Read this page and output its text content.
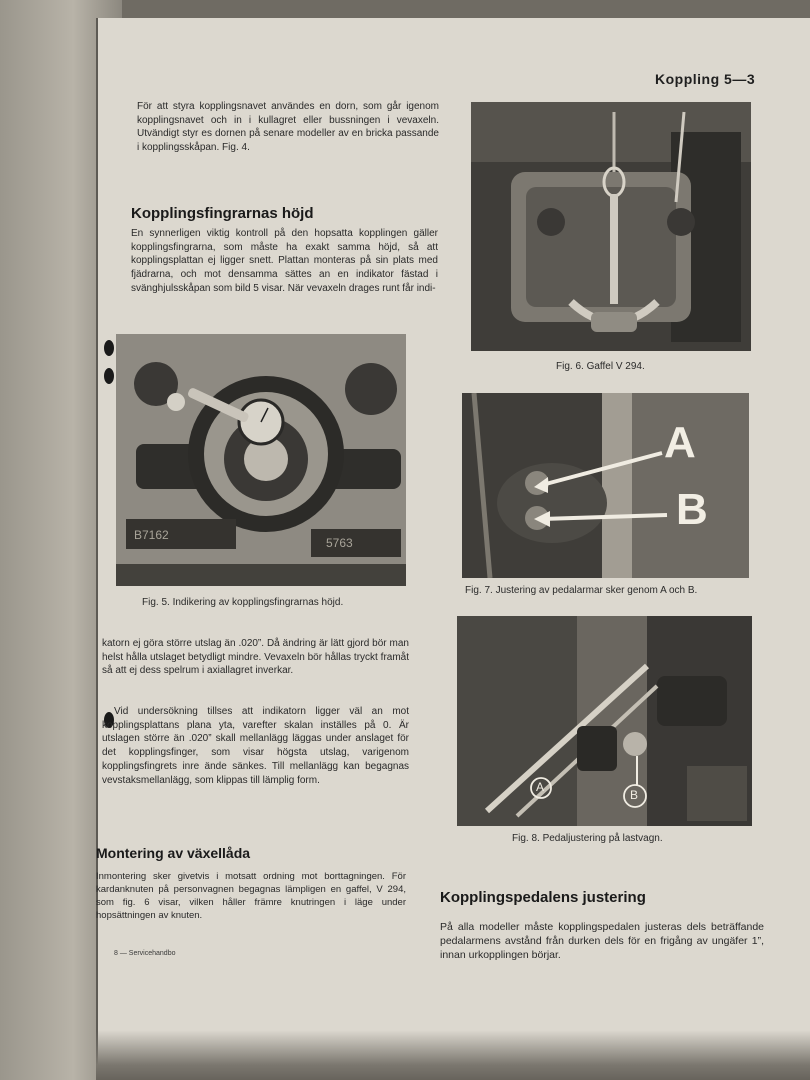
Koppling 5—3
För att styra kopplingsnavet användes en dorn, som går igenom kopplingsnavet och in i kullagret eller bussningen i vevaxeln. Utvändigt styr es dornen på senare modeller av en bricka passande i kopplingsskåpan. Fig. 4.
Kopplingsfingrarnas höjd
En synnerligen viktig kontroll på den hopsatta kopplingen gäller kopplingsfingrarna, som måste ha exakt samma höjd, så att kopplingsplattan ej ligger snett. Plattan monteras på sin plats med fjädrarna, och mot densamma sättes an en indikator fästad i svänghjulsskåpan som bild 5 visar. När vevaxeln drages runt får indi-
B7162
5763
Fig. 5. Indikering av kopplingsfingrarnas höjd.
katorn ej göra större utslag än .020”. Då ändring är lätt gjord bör man helst hålla utslaget betydligt mindre. Vevaxeln bör hållas tryckt framåt så att ej dess spelrum i axiallagret inverkar.
Vid undersökning tillses att indikatorn ligger väl an mot kopplingsplattans plana yta, varefter skalan inställes på 0. Är utslagen större än .020” skall mellanlägg läggas under anslaget för det kopplingsfinger, som visar högsta utslag, varigenom kopplingsfingrets inre ände sänkes. Till mellanlägg kan begagnas vevstaksmellanlägg, som klippas till lämplig form.
Montering av växellåda
Inmontering sker givetvis i motsatt ordning mot borttagningen. För kardanknuten på personvagnen begagnas lämpligen en gaffel, V 294, som fig. 6 visar, vilken håller främre knutringen i läge under hopsättningen av knuten.
8 — Servicehandbo
Fig. 6. Gaffel V 294.
A
B
Fig. 7. Justering av pedalarmar sker genom A och B.
A
B
Fig. 8. Pedaljustering på lastvagn.
Kopplingspedalens justering
På alla modeller måste kopplingspedalen justeras dels beträffande pedalarmens avstånd från durken dels för en frigång av ungäfer 1”, innan urkopplingen börjar.
